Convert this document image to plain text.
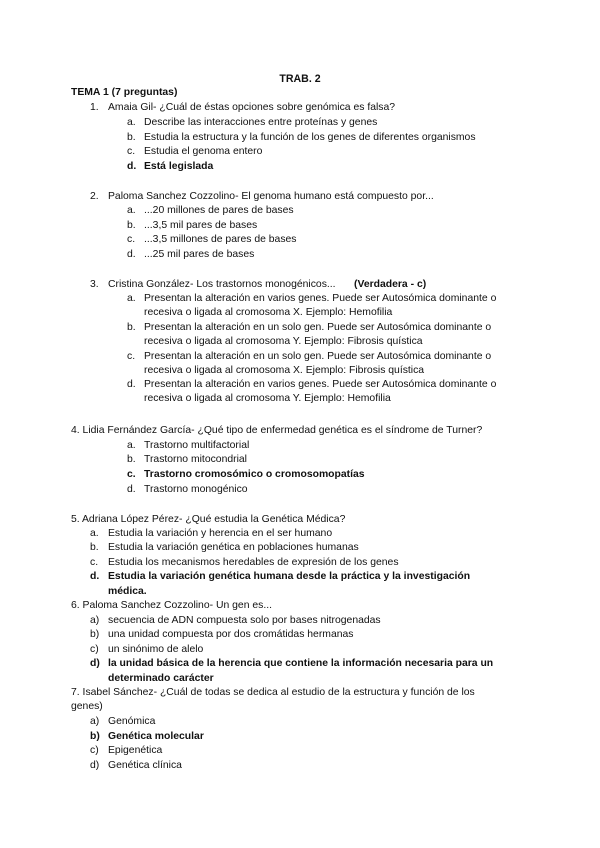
TRAB. 2
TEMA 1 (7 preguntas)
1. Amaia Gil- ¿Cuál de éstas opciones sobre genómica es falsa?
a. Describe las interacciones entre proteínas y genes
b. Estudia la estructura y la función de los genes de diferentes organismos
c. Estudia el genoma entero
d. Está legislada
2. Paloma Sanchez Cozzolino- El genoma humano está compuesto por...
a. ...20 millones de pares de bases
b. ...3,5 mil pares de bases
c. ...3,5 millones de pares de bases
d. ...25 mil pares de bases
3. Cristina González- Los trastornos monogénicos... (Verdadera - c)
a. Presentan la alteración en varios genes. Puede ser Autosómica dominante o
recesiva o ligada al cromosoma X. Ejemplo: Hemofilia
b. Presentan la alteración en un solo gen. Puede ser Autosómica dominante o
recesiva o ligada al cromosoma Y. Ejemplo: Fibrosis quística
c. Presentan la alteración en un solo gen. Puede ser Autosómica dominante o
recesiva o ligada al cromosoma X. Ejemplo: Fibrosis quística
d. Presentan la alteración en varios genes. Puede ser Autosómica dominante o
recesiva o ligada al cromosoma Y. Ejemplo: Hemofilia
4. Lidia Fernández García- ¿Qué tipo de enfermedad genética es el síndrome de Turner?
a. Trastorno multifactorial
b. Trastorno mitocondrial
c. Trastorno cromosómico o cromosomopatías
d. Trastorno monogénico
5. Adriana López Pérez- ¿Qué estudia la Genética Médica?
a. Estudia la variación y herencia en el ser humano
b. Estudia la variación genética en poblaciones humanas
c. Estudia los mecanismos heredables de expresión de los genes
d. Estudia la variación genética humana desde la práctica y la investigación
médica.
6. Paloma Sanchez Cozzolino- Un gen es...
a) secuencia de ADN compuesta solo por bases nitrogenadas
b) una unidad compuesta por dos cromátidas hermanas
c) un sinónimo de alelo
d) la unidad básica de la herencia que contiene la información necesaria para un
determinado carácter
7. Isabel Sánchez- ¿Cuál de todas se dedica al estudio de la estructura y función de los
genes)
a) Genómica
b) Genética molecular
c) Epigenética
d) Genética clínica
